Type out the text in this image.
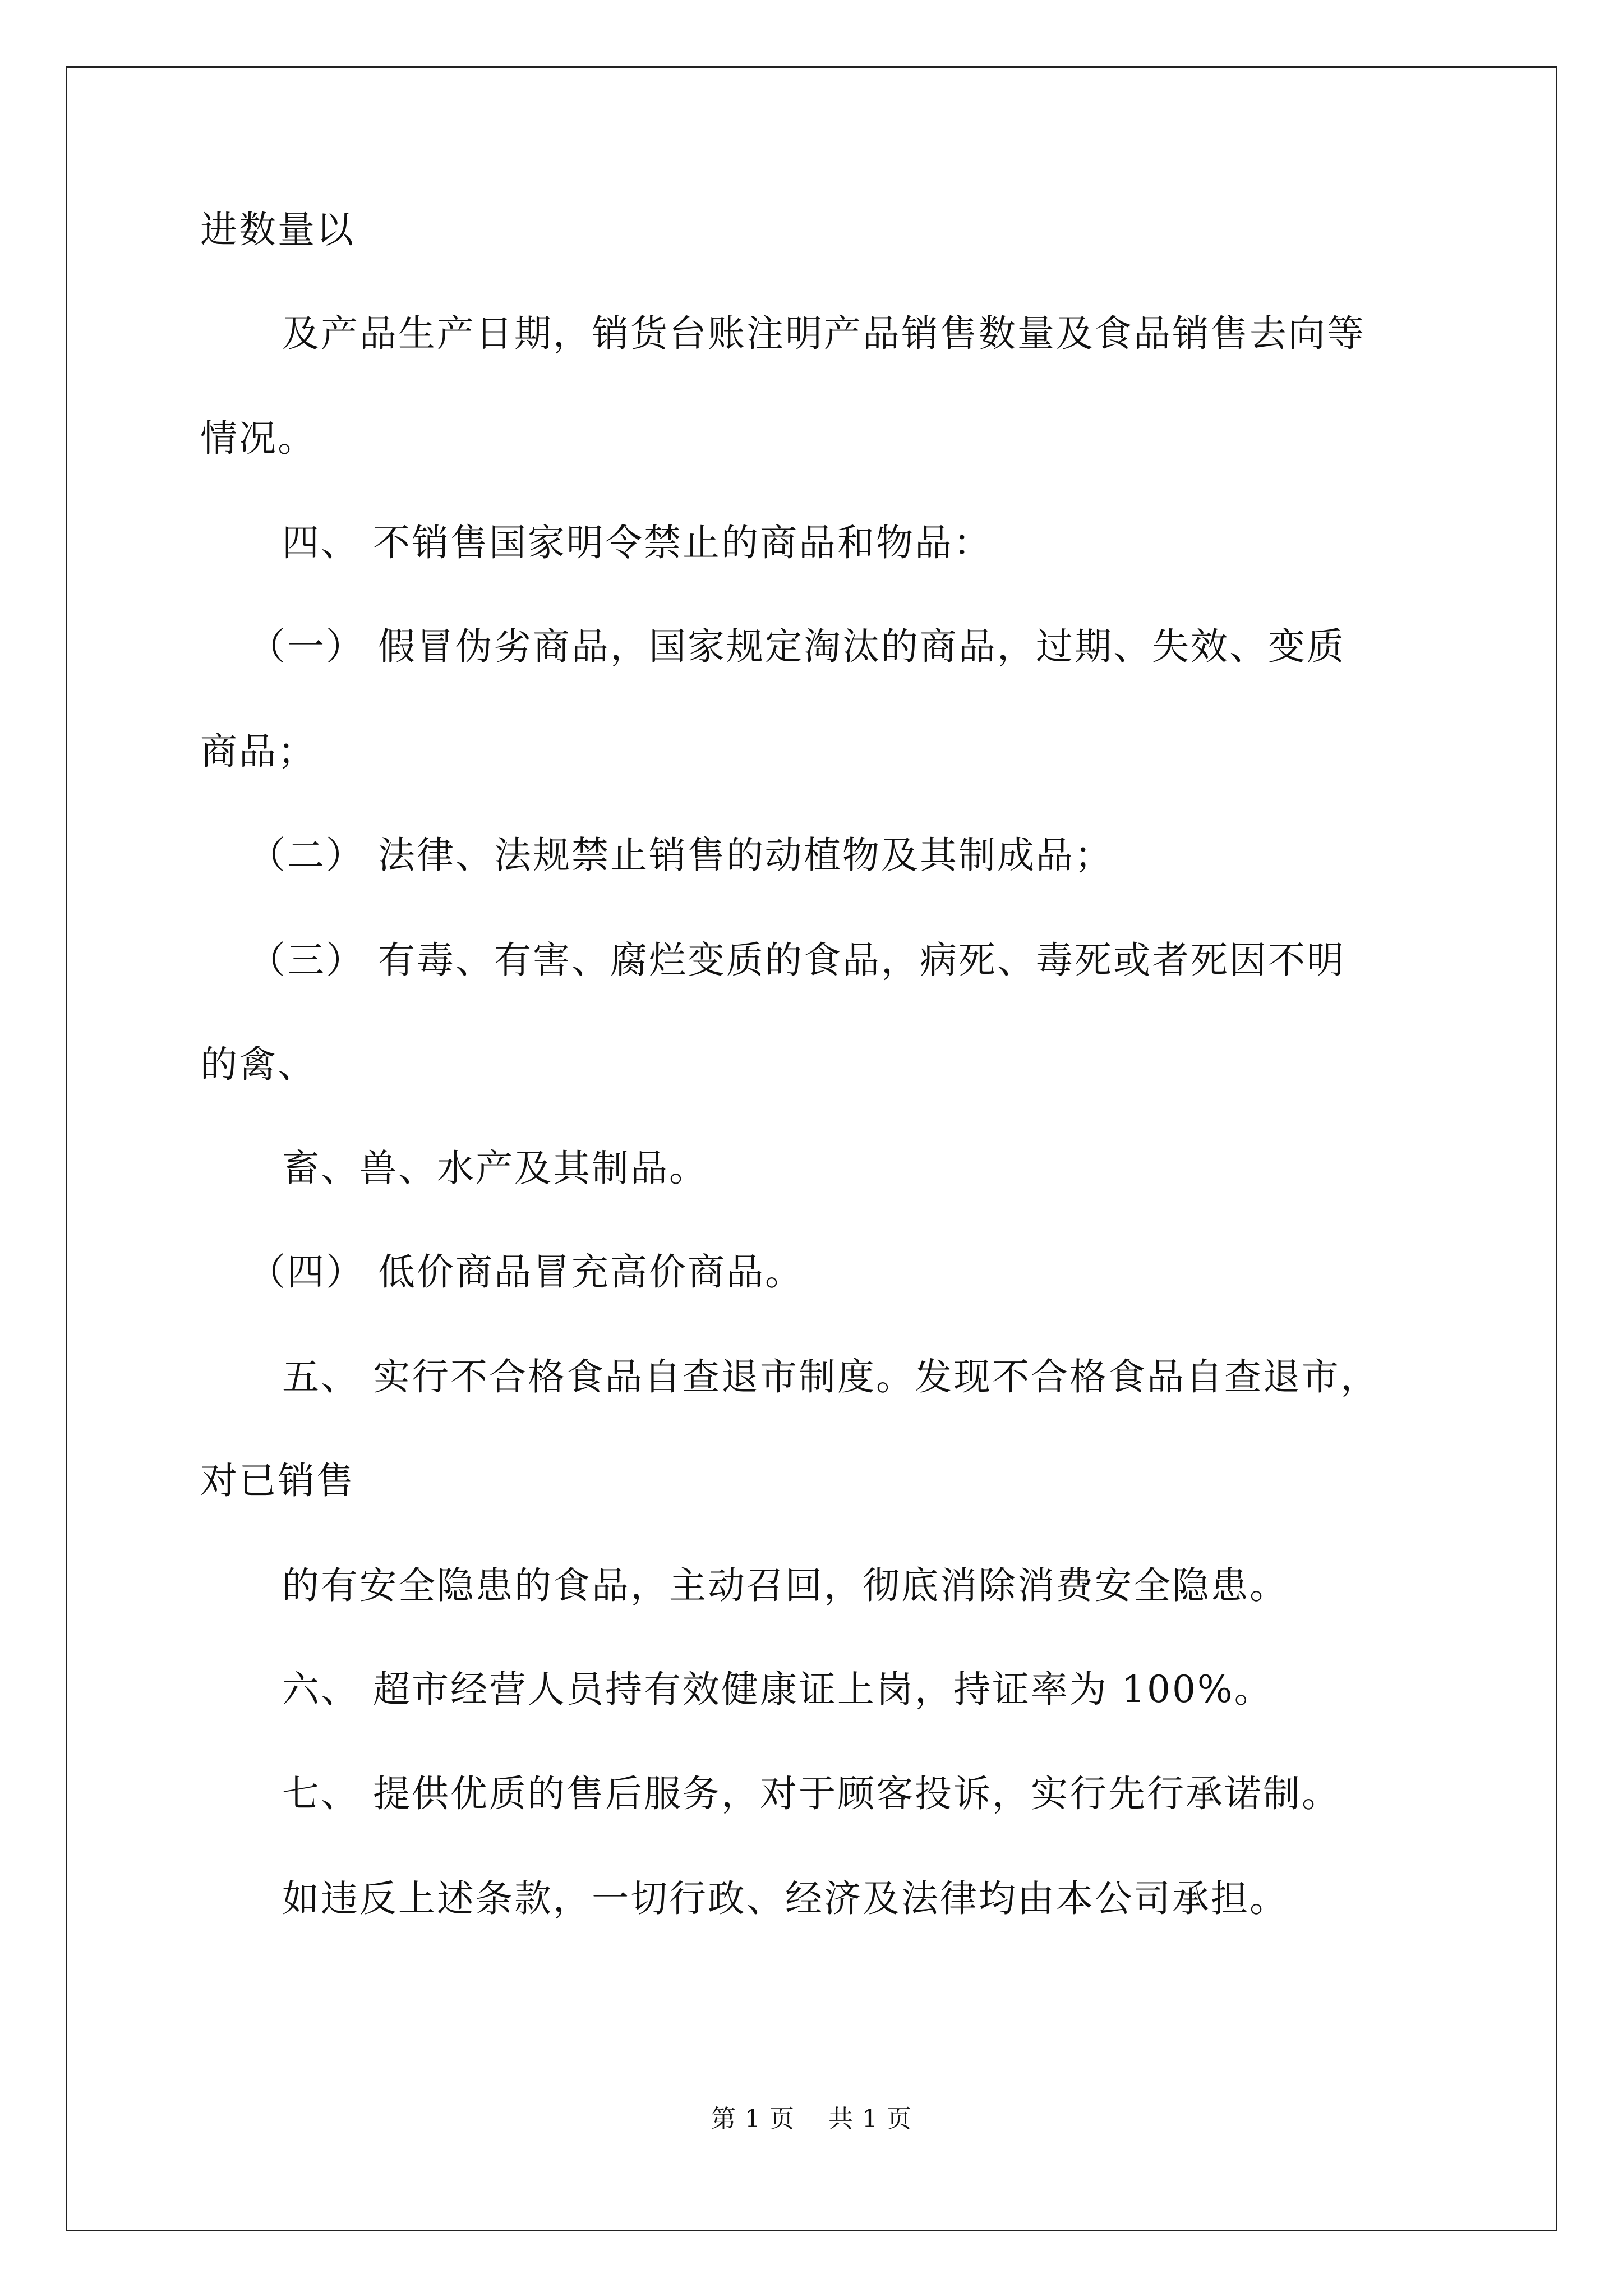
进数量以

及产品生产日期，销货台账注明产品销售数量及食品销售去向等

情况。

四、 不销售国家明令禁止的商品和物品：

（一） 假冒伪劣商品，国家规定淘汰的商品，过期、失效、变质

商品；

（二） 法律、法规禁止销售的动植物及其制成品；

（三） 有毒、有害、腐烂变质的食品，病死、毒死或者死因不明

的禽、

畜、兽、水产及其制品。

（四） 低价商品冒充高价商品。

五、 实行不合格食品自查退市制度。发现不合格食品自查退市，

对已销售

的有安全隐患的食品，主动召回，彻底消除消费安全隐患。

六、 超市经营人员持有效健康证上岗，持证率为 100%。

七、 提供优质的售后服务，对于顾客投诉，实行先行承诺制。

如违反上述条款，一切行政、经济及法律均由本公司承担。

第 1 页    共 1 页
